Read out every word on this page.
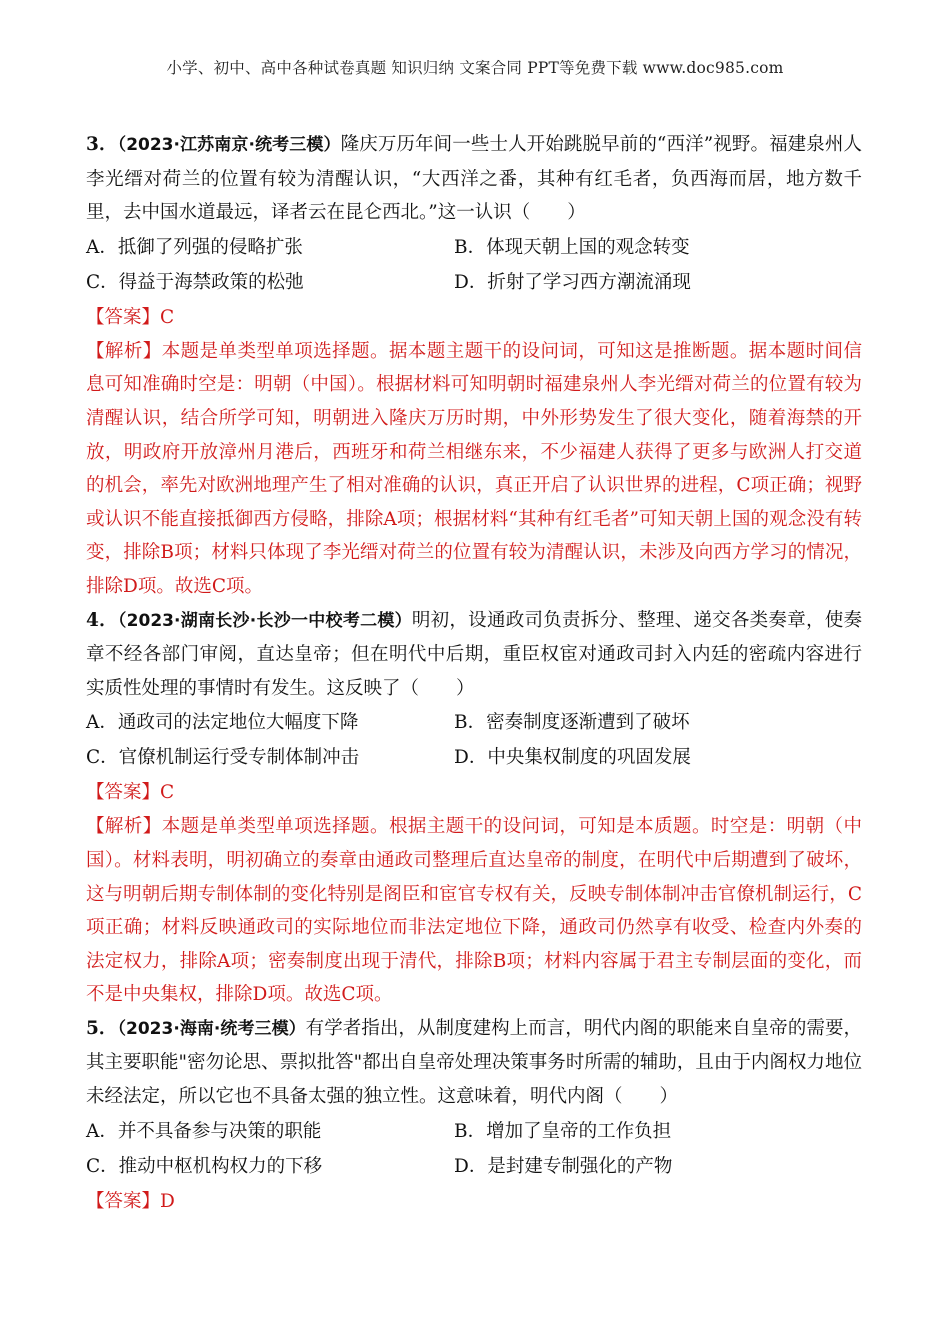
小学、初中、高中各种试卷真题 知识归纳 文案合同 PPT等免费下载 www.doc985.com
3．（2023·江苏南京·统考三模）隆庆万历年间一些士人开始跳脱早前的“西洋”视野。福建泉州人李光缙对荷兰的位置有较为清醒认识，“大西洋之番，其种有红毛者，负西海而居，地方数千里，去中国水道最远，译者云在昆仑西北。”这一认识（　　）
A．抵御了列强的侵略扩张	B．体现天朝上国的观念转变
C．得益于海禁政策的松弛	D．折射了学习西方潮流涌现
【答案】C
【解析】本题是单类型单项选择题。据本题主题干的设问词，可知这是推断题。据本题时间信息可知准确时空是：明朝（中国）。根据材料可知明朝时福建泉州人李光缙对荷兰的位置有较为清醒认识，结合所学可知，明朝进入隆庆万历时期，中外形势发生了很大变化，随着海禁的开放，明政府开放漳州月港后，西班牙和荷兰相继东来，不少福建人获得了更多与欧洲人打交道的机会，率先对欧洲地理产生了相对准确的认识，真正开启了认识世界的进程，C项正确；视野或认识不能直接抵御西方侵略，排除A项；根据材料“其种有红毛者”可知天朝上国的观念没有转变，排除B项；材料只体现了李光缙对荷兰的位置有较为清醒认识，未涉及向西方学习的情况，排除D项。故选C项。
4．（2023·湖南长沙·长沙一中校考二模）明初，设通政司负责拆分、整理、递交各类奏章，使奏章不经各部门审阅，直达皇帝；但在明代中后期，重臣权宦对通政司封入内廷的密疏内容进行实质性处理的事情时有发生。这反映了（　　）
A．通政司的法定地位大幅度下降	B．密奏制度逐渐遭到了破坏
C．官僚机制运行受专制体制冲击	D．中央集权制度的巩固发展
【答案】C
【解析】本题是单类型单项选择题。根据主题干的设问词，可知是本质题。时空是：明朝（中国）。材料表明，明初确立的奏章由通政司整理后直达皇帝的制度，在明代中后期遭到了破坏，这与明朝后期专制体制的变化特别是阁臣和宦官专权有关，反映专制体制冲击官僚机制运行，C项正确；材料反映通政司的实际地位而非法定地位下降，通政司仍然享有收受、检查内外奏的法定权力，排除A项；密奏制度出现于清代，排除B项；材料内容属于君主专制层面的变化，而不是中央集权，排除D项。故选C项。
5．（2023·海南·统考三模）有学者指出，从制度建构上而言，明代内阁的职能来自皇帝的需要，其主要职能"密勿论思、票拟批答"都出自皇帝处理决策事务时所需的辅助，且由于内阁权力地位未经法定，所以它也不具备太强的独立性。这意味着，明代内阁（　　）
A．并不具备参与决策的职能	B．增加了皇帝的工作负担
C．推动中枢机构权力的下移	D．是封建专制强化的产物
【答案】D
